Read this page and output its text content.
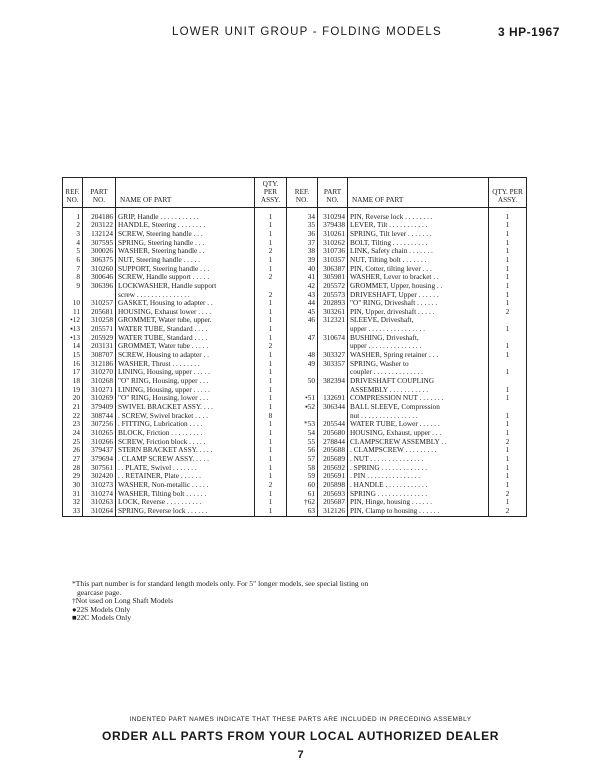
LOWER UNIT GROUP - FOLDING MODELS	3 HP-1967
REF. NO.	PART NO.	NAME OF PART	QTY. PER ASSY.	REF. NO.	PART NO.	NAME OF PART	QTY. PER ASSY.
1	204186	GRIP, Handle . . . . . . . . . . .	1	34	310294	PIN, Reverse lock . . . . . . . .	1
2	203122	HANDLE, Steering . . . . . . . .	1	35	379438	LEVER, Tilt . . . . . . . . . . .	1
3	132124	SCREW, Steering handle . . .	1	36	310261	SPRING, Tilt lever . . . . . . .	1
4	307595	SPRING, Steering handle . . .	1	37	310262	BOLT, Tilting . . . . . . . . . .	1
5	300026	WASHER, Steering handle . .	2	38	310736	LINK, Safety chain . . . . . . .	1
6	306375	NUT, Steering handle . . . . .	1	39	310357	NUT, Tilting bolt . . . . . . .	1
7	310260	SUPPORT, Steering handle . . .	1	40	306387	PIN, Cotter, tilting lever . . .	1
8	300646	SCREW, Handle support . . . . .	2	41	305981	WASHER, Lever to bracket . .	1
9	306396	LOCKWASHER, Handle support		42	205572	GROMMET, Upper, housing . .	1
		screw . . . . . . . . . . . . . . .	2	43	205573	DRIVESHAFT, Upper . . . . . .	1
10	310257	GASKET, Housing to adapter . .	1	44	202893	"O" RING, Driveshaft . . . . . .	1
11	205681	HOUSING, Exhaust lower . . . .	1	45	303261	PIN, Upper, driveshaft . . . . .	2
•12	310258	GROMMET, Water tube, upper.	1	46	312321	SLEEVE, Driveshaft,	
▪13	205571	WATER TUBE, Standard . . . .	1			upper . . . . . . . . . . . . . . . .	1
•13	205929	WATER TUBE, Standard . . . .	1	47	310674	BUSHING, Driveshaft,	
14	203131	GROMMET, Water tube . . . . .	2			upper . . . . . . . . . . . . . . .	1
15	308707	SCREW, Housing to adapter . .	1	48	303327	WASHER, Spring retainer . . .	1
16	312186	WASHER, Thrust . . . . . . . .	1	49	303357	SPRING, Washer to	
17	310270	LINING, Housing, upper . . . . .	1			coupler . . . . . . . . . . . . . .	1
18	310268	"O" RING, Housing, upper . . .	1	50	382394	DRIVESHAFT COUPLING	
19	310271	LINING, Housing, upper . . . . .	1			ASSEMBLY . . . . . . . . . . .	1
20	310269	"O" RING, Housing, lower . . .	1	•51	132691	COMPRESSION NUT . . . . . . .	1
21	379409	SWIVEL BRACKET ASSY. . . .	1	▪52	306344	BALL SLEEVE, Compression	
22	308744	. SCREW, Swivel bracket . . . .	8			nut . . . . . . . . . . . . . . . .	1
23	307256	. FITTING, Lubrication . . . .	1	*53	205544	WATER TUBE, Lower . . . . . .	1
24	310265	BLOCK, Friction . . . . . . . . .	1	54	205680	HOUSING, Exhaust, upper . . .	1
25	310266	SCREW, Friction block . . . . .	1	55	278844	CLAMPSCREW ASSEMBLY . .	2
26	379437	STERN BRACKET ASSY. . . . .	1	56	205688	. CLAMPSCREW . . . . . . . . .	1
27	379694	. CLAMP SCREW ASSY. . . . .	1	57	205689	. NUT . . . . . . . . . . . . . . .	1
28	307561	. . PLATE, Swivel . . . . . . .	1	58	205692	. SPRING . . . . . . . . . . . . .	1
29	302420	. . RETAINER, Plate . . . . . .	1	59	205691	. PIN . . . . . . . . . . . . . . .	1
30	310273	WASHER, Non-metallic . . . . .	2	60	205898	. HANDLE . . . . . . . . . . . .	1
31	310274	WASHER, Tilting bolt . . . . . .	1	61	205693	SPRING . . . . . . . . . . . . . .	2
32	310263	LOCK, Reverse . . . . . . . . . .	1	†62	205687	PIN, Hinge, housing . . . . . .	1
33	310264	SPRING, Reverse lock . . . . . .	1	63	312126	PIN, Clamp to housing . . . . . .	2
*This part number is for standard length models only. For 5" longer models, see special listing on
gearcase page.
†Not used on Long Shaft Models
●22S Models Only
■22C Models Only
INDENTED PART NAMES INDICATE THAT THESE PARTS ARE INCLUDED IN PRECEDING ASSEMBLY
ORDER ALL PARTS FROM YOUR LOCAL AUTHORIZED DEALER
7
